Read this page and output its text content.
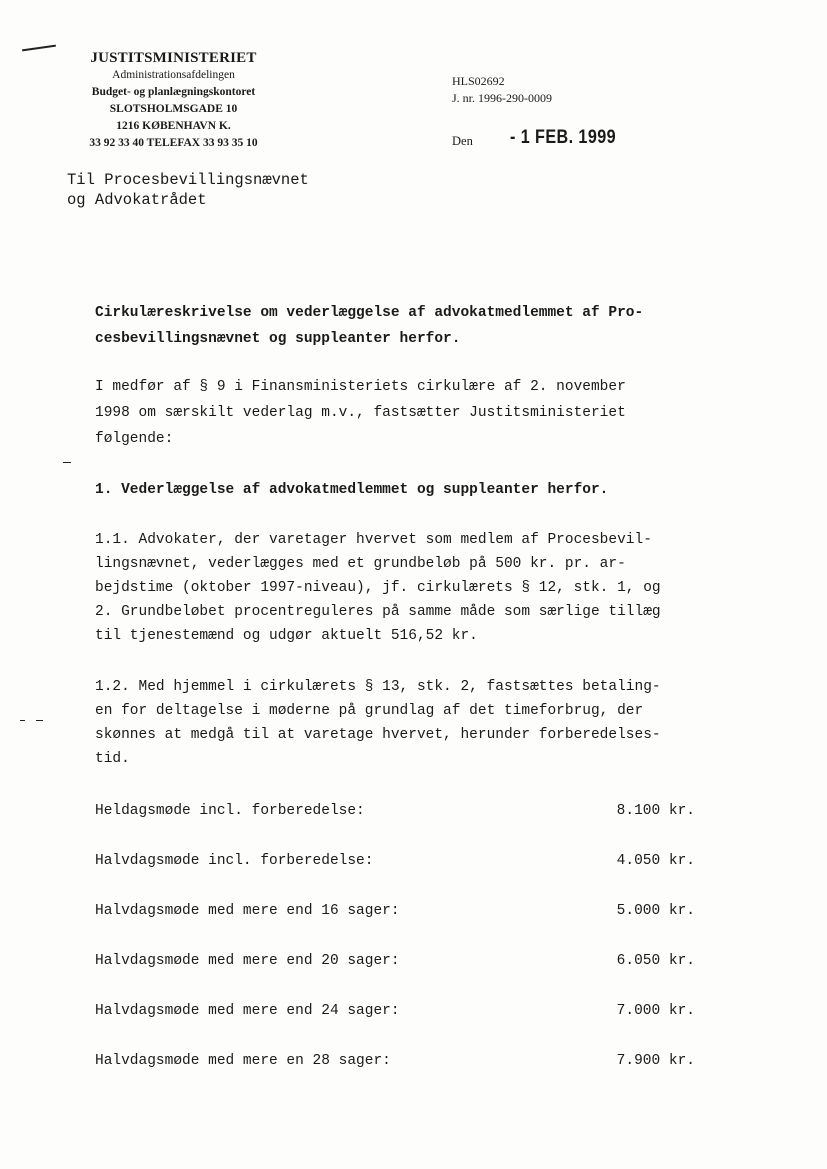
JUSTITSMINISTERIET
Administrationsafdelingen
Budget- og planlægningskontoret
SLOTSHOLMSGADE 10
1216 KØBENHAVN K.
33 92 33 40 TELEFAX 33 93 35 10
HLS02692
J. nr. 1996-290-0009
Den - 1 FEB. 1999
Til Procesbevillingsnævnet
og Advokatrådet
Cirkulæreskrivelse om vederlæggelse af advokatmedlemmet af Pro-
cesbevillingsnævnet og suppleanter herfor.
I medfør af § 9 i Finansministeriets cirkulære af 2. november
1998 om særskilt vederlag m.v., fastsætter Justitsministeriet
følgende:
1. Vederlæggelse af advokatmedlemmet og suppleanter herfor.
1.1. Advokater, der varetager hvervet som medlem af Procesbevil-
lingsnævnet, vederlægges med et grundbeløb på 500 kr. pr. ar-
bejdstime (oktober 1997-niveau), jf. cirkulærets § 12, stk. 1, og
2. Grundbeløbet procentreguleres på samme måde som særlige tillæg
til tjenestemænd og udgør aktuelt 516,52 kr.
1.2. Med hjemmel i cirkulærets § 13, stk. 2, fastsættes betaling-
en for deltagelse i møderne på grundlag af det timeforbrug, der
skønnes at medgå til at varetage hvervet, herunder forberedelses-
tid.
Heldagsmøde incl. forberedelse:	8.100 kr.
Halvdagsmøde incl. forberedelse:	4.050 kr.
Halvdagsmøde med mere end 16 sager:	5.000 kr.
Halvdagsmøde med mere end 20 sager:	6.050 kr.
Halvdagsmøde med mere end 24 sager:	7.000 kr.
Halvdagsmøde med mere en 28 sager:	7.900 kr.
